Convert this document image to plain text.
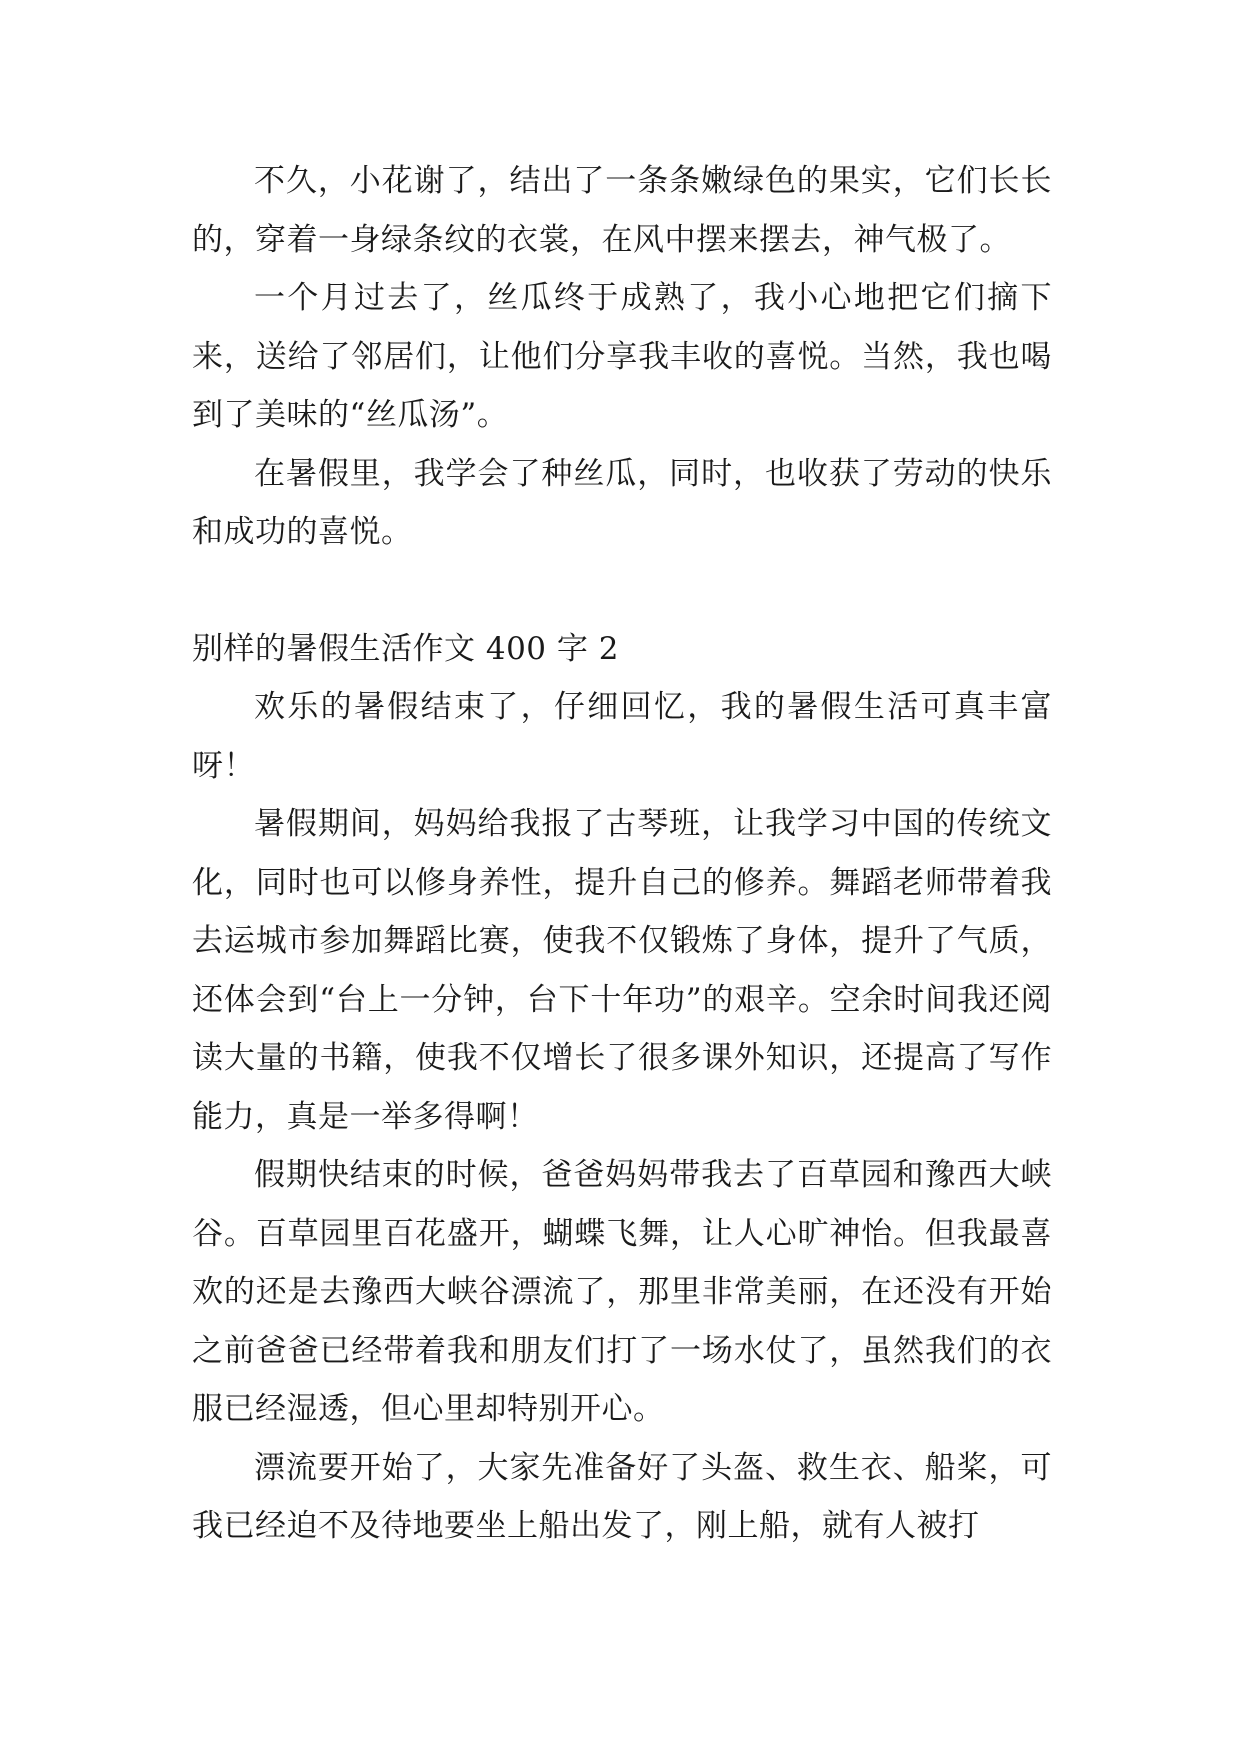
不久，小花谢了，结出了一条条嫩绿色的果实，它们长长的，穿着一身绿条纹的衣裳，在风中摆来摆去，神气极了。

一个月过去了，丝瓜终于成熟了，我小心地把它们摘下来，送给了邻居们，让他们分享我丰收的喜悦。当然，我也喝到了美味的“丝瓜汤”。

在暑假里，我学会了种丝瓜，同时，也收获了劳动的快乐和成功的喜悦。

别样的暑假生活作文 400 字 2

欢乐的暑假结束了，仔细回忆，我的暑假生活可真丰富呀！

暑假期间，妈妈给我报了古琴班，让我学习中国的传统文化，同时也可以修身养性，提升自己的修养。舞蹈老师带着我去运城市参加舞蹈比赛，使我不仅锻炼了身体，提升了气质，还体会到“台上一分钟，台下十年功”的艰辛。空余时间我还阅读大量的书籍，使我不仅增长了很多课外知识，还提高了写作能力，真是一举多得啊！

假期快结束的时候，爸爸妈妈带我去了百草园和豫西大峡谷。百草园里百花盛开，蝴蝶飞舞，让人心旷神怡。但我最喜欢的还是去豫西大峡谷漂流了，那里非常美丽，在还没有开始之前爸爸已经带着我和朋友们打了一场水仗了，虽然我们的衣服已经湿透，但心里却特别开心。

漂流要开始了，大家先准备好了头盔、救生衣、船桨，可我已经迫不及待地要坐上船出发了，刚上船，就有人被打
